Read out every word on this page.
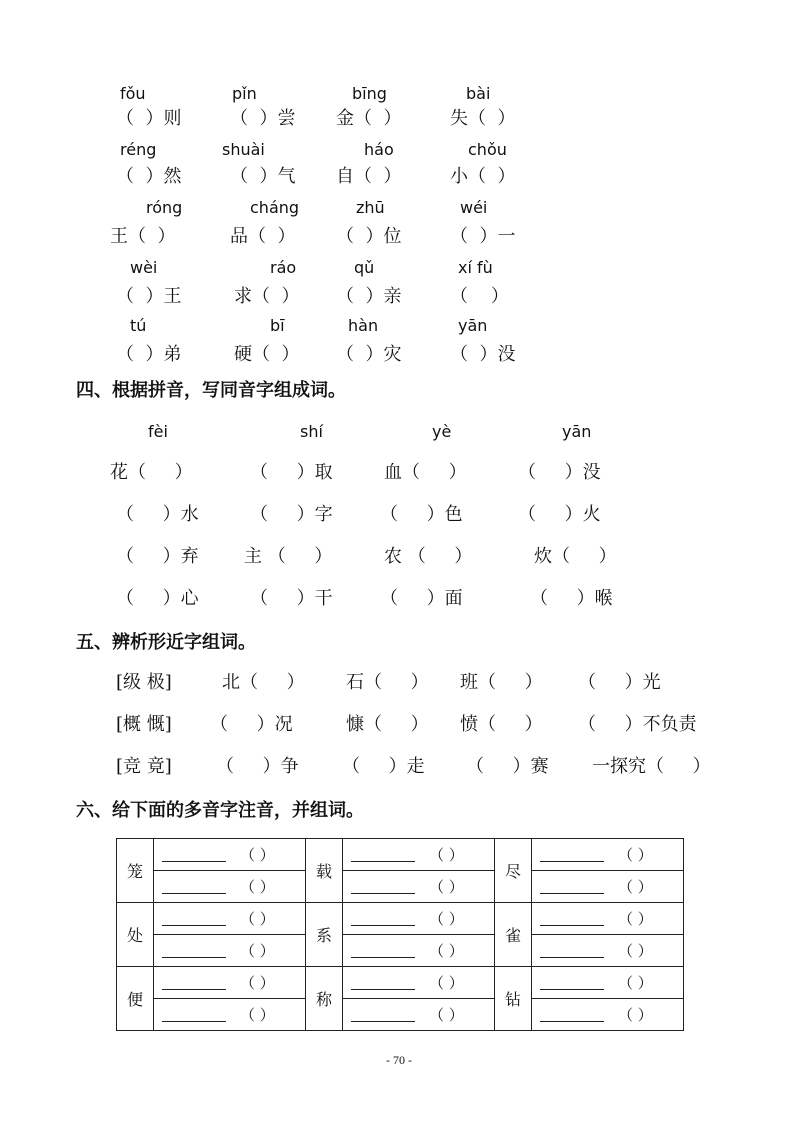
fǒu	pǐn	bīng	bài
（  ）则	（  ）尝 金（  ）	失（  ）
réng	shuài	háo	chǒu
（  ）然	（  ）气 自（  ）	小（  ）
róng	cháng	zhū	wéi
王（  ）	品（  ） （  ）位	（  ）一
wèi	ráo	qǔ	xí fù
（  ）王	求（  ） （  ）亲	（    ）
tú	bī	hàn	yān
（  ）弟	硬（  ） （  ）灾	（  ）没
四、根据拼音，写同音字组成词。
fèi	shí	yè	yān
花（     ）	（     ）取	血（     ）	（     ）没
（     ）水	（     ）字	（     ）色	（     ）火
（     ）弃	主 （     ）	农 （     ）	炊（     ）
（     ）心	（     ）干	（     ）面	（     ）喉
五、辨析形近字组词。
[级 极]	北（     ） 石（     ） 班（     ） （     ）光
[概 慨] （     ）况	慷（     ） 愤（     ） （     ）不负责
[竞 竟] （     ）争 （     ）走 （     ）赛 一探究（     ）
六、给下面的多音字注音，并组词。
- 70 -
笼	（ ）	载	（ ）	尽	（ ）
	（ ）		（ ）		（ ）
处	（ ）	系	（ ）	雀	（ ）
	（ ）		（ ）		（ ）
便	（ ）	称	（ ）	钻	（ ）
	（ ）		（ ）		（ ）
